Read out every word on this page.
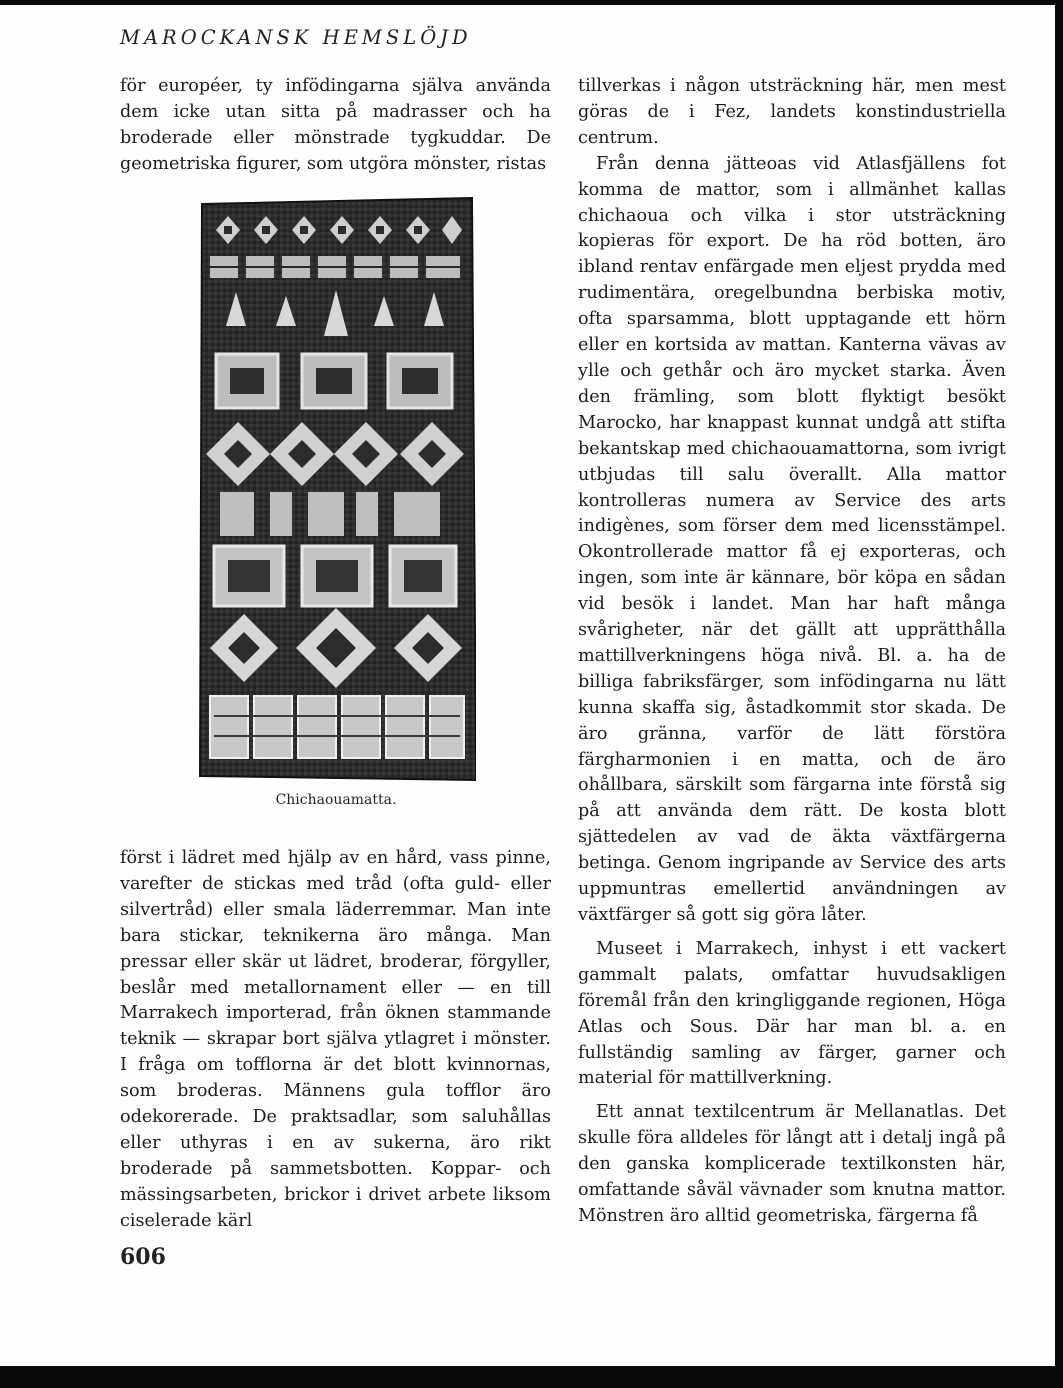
MAROCKANSK HEMSLÖJD

för européer, ty infödingarna själva använda dem icke utan sitta på madrasser och ha broderade eller mönstrade tygkuddar. De geometriska figurer, som utgöra mönster, ristas

Chichaouamatta.

först i lädret med hjälp av en hård, vass pinne, varefter de stickas med tråd (ofta guld- eller silvertråd) eller smala läderremmar. Man inte bara stickar, teknikerna äro många. Man pressar eller skär ut lädret, broderar, förgyller, beslår med metallornament eller — en till Marrakech importerad, från öknen stammande teknik — skrapar bort själva ytlagret i mönster. I fråga om tofflorna är det blott kvinnornas, som broderas. Männens gula tofflor äro odekorerade. De praktsadlar, som saluhållas eller uthyras i en av sukerna, äro rikt broderade på sammetsbotten. Koppar- och mässingsarbeten, brickor i drivet arbete liksom ciselerade kärl

tillverkas i någon utsträckning här, men mest göras de i Fez, landets konstindustriella centrum.

Från denna jätteoas vid Atlasfjällens fot komma de mattor, som i allmänhet kallas chichaoua och vilka i stor utsträckning kopieras för export. De ha röd botten, äro ibland rentav enfärgade men eljest prydda med rudimentära, oregelbundna berbiska motiv, ofta sparsamma, blott upptagande ett hörn eller en kortsida av mattan. Kanterna vävas av ylle och gethår och äro mycket starka. Även den främling, som blott flyktigt besökt Marocko, har knappast kunnat undgå att stifta bekantskap med chichaouamattorna, som ivrigt utbjudas till salu överallt. Alla mattor kontrolleras numera av Service des arts indigènes, som förser dem med licensstämpel. Okontrollerade mattor få ej exporteras, och ingen, som inte är kännare, bör köpa en sådan vid besök i landet. Man har haft många svårigheter, när det gällt att upprätthålla mattillverkningens höga nivå. Bl. a. ha de billiga fabriksfärger, som infödingarna nu lätt kunna skaffa sig, åstadkommit stor skada. De äro gränna, varför de lätt förstöra färgharmonien i en matta, och de äro ohållbara, särskilt som färgarna inte förstå sig på att använda dem rätt. De kosta blott sjättedelen av vad de äkta växtfärgerna betinga. Genom ingripande av Service des arts uppmuntras emellertid användningen av växtfärger så gott sig göra låter.

Museet i Marrakech, inhyst i ett vackert gammalt palats, omfattar huvudsakligen föremål från den kringliggande regionen, Höga Atlas och Sous. Där har man bl. a. en fullständig samling av färger, garner och material för mattillverkning.

Ett annat textilcentrum är Mellanatlas. Det skulle föra alldeles för långt att i detalj ingå på den ganska komplicerade textilkonsten här, omfattande såväl vävnader som knutna mattor. Mönstren äro alltid geometriska, färgerna få

606
